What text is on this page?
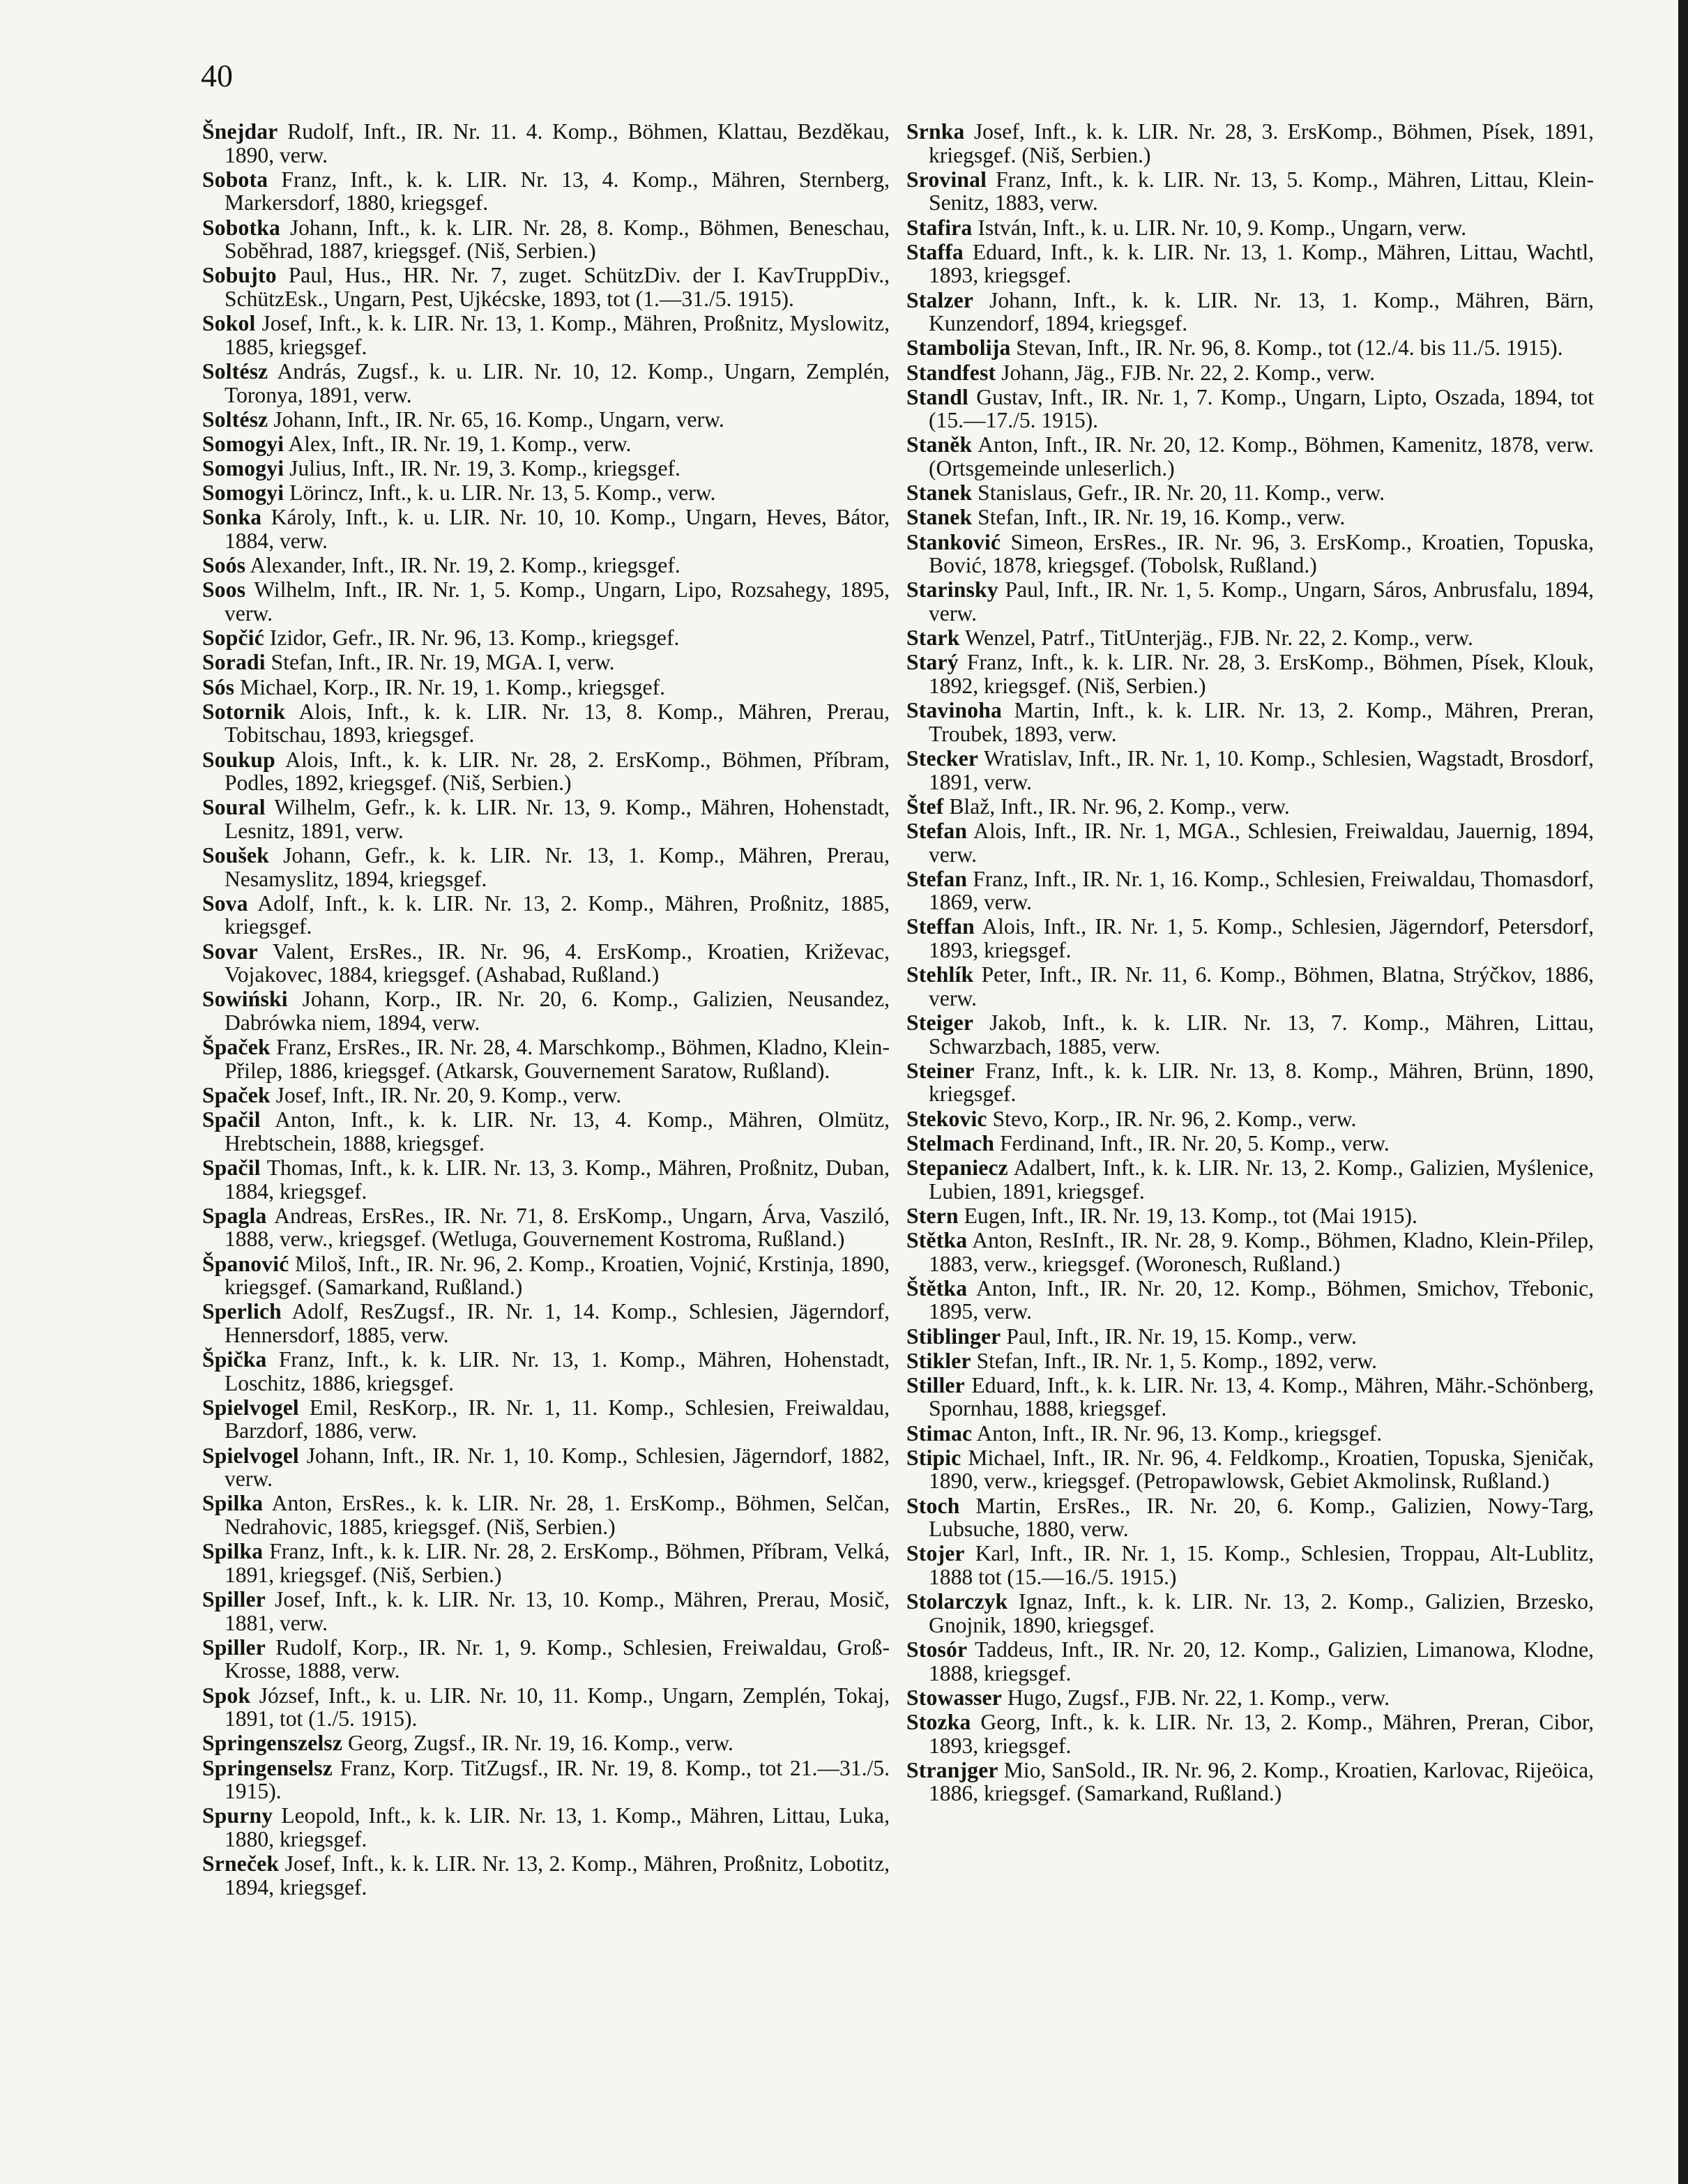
40

Šnejdar Rudolf, Inft., IR. Nr. 11. 4. Komp., Böhmen, Klattau, Bezděkau, 1890, verw.

Sobota Franz, Inft., k. k. LIR. Nr. 13, 4. Komp., Mähren, Sternberg, Markersdorf, 1880, kriegsgef.

Sobotka Johann, Inft., k. k. LIR. Nr. 28, 8. Komp., Böhmen, Beneschau, Soběhrad, 1887, kriegsgef. (Niš, Serbien.)

Sobujto Paul, Hus., HR. Nr. 7, zuget. SchützDiv. der I. KavTruppDiv., SchützEsk., Ungarn, Pest, Ujkécske, 1893, tot (1.—31./5. 1915).

Sokol Josef, Inft., k. k. LIR. Nr. 13, 1. Komp., Mähren, Proßnitz, Myslowitz, 1885, kriegsgef.

Soltész András, Zugsf., k. u. LIR. Nr. 10, 12. Komp., Ungarn, Zemplén, Toronya, 1891, verw.

Soltész Johann, Inft., IR. Nr. 65, 16. Komp., Ungarn, verw.

Somogyi Alex, Inft., IR. Nr. 19, 1. Komp., verw.

Somogyi Julius, Inft., IR. Nr. 19, 3. Komp., kriegsgef.

Somogyi Lörincz, Inft., k. u. LIR. Nr. 13, 5. Komp., verw.

Sonka Károly, Inft., k. u. LIR. Nr. 10, 10. Komp., Ungarn, Heves, Bátor, 1884, verw.

Soós Alexander, Inft., IR. Nr. 19, 2. Komp., kriegsgef.

Soos Wilhelm, Inft., IR. Nr. 1, 5. Komp., Ungarn, Lipo, Rozsahegy, 1895, verw.

Sopčić Izidor, Gefr., IR. Nr. 96, 13. Komp., kriegsgef.

Soradi Stefan, Inft., IR. Nr. 19, MGA. I, verw.

Sós Michael, Korp., IR. Nr. 19, 1. Komp., kriegsgef.

Sotornik Alois, Inft., k. k. LIR. Nr. 13, 8. Komp., Mähren, Prerau, Tobitschau, 1893, kriegsgef.

Soukup Alois, Inft., k. k. LIR. Nr. 28, 2. ErsKomp., Böhmen, Příbram, Podles, 1892, kriegsgef. (Niš, Serbien.)

Soural Wilhelm, Gefr., k. k. LIR. Nr. 13, 9. Komp., Mähren, Hohenstadt, Lesnitz, 1891, verw.

Soušek Johann, Gefr., k. k. LIR. Nr. 13, 1. Komp., Mähren, Prerau, Nesamyslitz, 1894, kriegsgef.

Sova Adolf, Inft., k. k. LIR. Nr. 13, 2. Komp., Mähren, Proßnitz, 1885, kriegsgef.

Sovar Valent, ErsRes., IR. Nr. 96, 4. ErsKomp., Kroatien, Križevac, Vojakovec, 1884, kriegsgef. (Ashabad, Rußland.)

Sowiński Johann, Korp., IR. Nr. 20, 6. Komp., Galizien, Neusandez, Dabrówka niem, 1894, verw.

Špaček Franz, ErsRes., IR. Nr. 28, 4. Marschkomp., Böhmen, Kladno, Klein-Přilep, 1886, kriegsgef. (Atkarsk, Gouvernement Saratow, Rußland).

Spaček Josef, Inft., IR. Nr. 20, 9. Komp., verw.

Spačil Anton, Inft., k. k. LIR. Nr. 13, 4. Komp., Mähren, Olmütz, Hrebtschein, 1888, kriegsgef.

Spačil Thomas, Inft., k. k. LIR. Nr. 13, 3. Komp., Mähren, Proßnitz, Duban, 1884, kriegsgef.

Spagla Andreas, ErsRes., IR. Nr. 71, 8. ErsKomp., Ungarn, Árva, Vasziló, 1888, verw., kriegsgef. (Wetluga, Gouvernement Kostroma, Rußland.)

Španović Miloš, Inft., IR. Nr. 96, 2. Komp., Kroatien, Vojnić, Krstinja, 1890, kriegsgef. (Samarkand, Rußland.)

Sperlich Adolf, ResZugsf., IR. Nr. 1, 14. Komp., Schlesien, Jägerndorf, Hennersdorf, 1885, verw.

Špička Franz, Inft., k. k. LIR. Nr. 13, 1. Komp., Mähren, Hohenstadt, Loschitz, 1886, kriegsgef.

Spielvogel Emil, ResKorp., IR. Nr. 1, 11. Komp., Schlesien, Freiwaldau, Barzdorf, 1886, verw.

Spielvogel Johann, Inft., IR. Nr. 1, 10. Komp., Schlesien, Jägerndorf, 1882, verw.

Spilka Anton, ErsRes., k. k. LIR. Nr. 28, 1. ErsKomp., Böhmen, Selčan, Nedrahovic, 1885, kriegsgef. (Niš, Serbien.)

Spilka Franz, Inft., k. k. LIR. Nr. 28, 2. ErsKomp., Böhmen, Příbram, Velká, 1891, kriegsgef. (Niš, Serbien.)

Spiller Josef, Inft., k. k. LIR. Nr. 13, 10. Komp., Mähren, Prerau, Mosič, 1881, verw.

Spiller Rudolf, Korp., IR. Nr. 1, 9. Komp., Schlesien, Freiwaldau, Groß-Krosse, 1888, verw.

Spok József, Inft., k. u. LIR. Nr. 10, 11. Komp., Ungarn, Zemplén, Tokaj, 1891, tot (1./5. 1915).

Springenszelsz Georg, Zugsf., IR. Nr. 19, 16. Komp., verw.

Springenselsz Franz, Korp. TitZugsf., IR. Nr. 19, 8. Komp., tot 21.—31./5. 1915).

Spurny Leopold, Inft., k. k. LIR. Nr. 13, 1. Komp., Mähren, Littau, Luka, 1880, kriegsgef.

Srneček Josef, Inft., k. k. LIR. Nr. 13, 2. Komp., Mähren, Proßnitz, Lobotitz, 1894, kriegsgef.

Srnka Josef, Inft., k. k. LIR. Nr. 28, 3. ErsKomp., Böhmen, Písek, 1891, kriegsgef. (Niš, Serbien.)

Srovinal Franz, Inft., k. k. LIR. Nr. 13, 5. Komp., Mähren, Littau, Klein-Senitz, 1883, verw.

Stafira István, Inft., k. u. LIR. Nr. 10, 9. Komp., Ungarn, verw.

Staffa Eduard, Inft., k. k. LIR. Nr. 13, 1. Komp., Mähren, Littau, Wachtl, 1893, kriegsgef.

Stalzer Johann, Inft., k. k. LIR. Nr. 13, 1. Komp., Mähren, Bärn, Kunzendorf, 1894, kriegsgef.

Stambolija Stevan, Inft., IR. Nr. 96, 8. Komp., tot (12./4. bis 11./5. 1915).

Standfest Johann, Jäg., FJB. Nr. 22, 2. Komp., verw.

Standl Gustav, Inft., IR. Nr. 1, 7. Komp., Ungarn, Lipto, Oszada, 1894, tot (15.—17./5. 1915).

Staněk Anton, Inft., IR. Nr. 20, 12. Komp., Böhmen, Kamenitz, 1878, verw. (Ortsgemeinde unleserlich.)

Stanek Stanislaus, Gefr., IR. Nr. 20, 11. Komp., verw.

Stanek Stefan, Inft., IR. Nr. 19, 16. Komp., verw.

Stanković Simeon, ErsRes., IR. Nr. 96, 3. ErsKomp., Kroatien, Topuska, Bović, 1878, kriegsgef. (Tobolsk, Rußland.)

Starinsky Paul, Inft., IR. Nr. 1, 5. Komp., Ungarn, Sáros, Anbrusfalu, 1894, verw.

Stark Wenzel, Patrf., TitUnterjäg., FJB. Nr. 22, 2. Komp., verw.

Starý Franz, Inft., k. k. LIR. Nr. 28, 3. ErsKomp., Böhmen, Písek, Klouk, 1892, kriegsgef. (Niš, Serbien.)

Stavinoha Martin, Inft., k. k. LIR. Nr. 13, 2. Komp., Mähren, Preran, Troubek, 1893, verw.

Stecker Wratislav, Inft., IR. Nr. 1, 10. Komp., Schlesien, Wagstadt, Brosdorf, 1891, verw.

Štef Blaž, Inft., IR. Nr. 96, 2. Komp., verw.

Stefan Alois, Inft., IR. Nr. 1, MGA., Schlesien, Freiwaldau, Jauernig, 1894, verw.

Stefan Franz, Inft., IR. Nr. 1, 16. Komp., Schlesien, Freiwaldau, Thomasdorf, 1869, verw.

Steffan Alois, Inft., IR. Nr. 1, 5. Komp., Schlesien, Jägerndorf, Petersdorf, 1893, kriegsgef.

Stehlík Peter, Inft., IR. Nr. 11, 6. Komp., Böhmen, Blatna, Strýčkov, 1886, verw.

Steiger Jakob, Inft., k. k. LIR. Nr. 13, 7. Komp., Mähren, Littau, Schwarzbach, 1885, verw.

Steiner Franz, Inft., k. k. LIR. Nr. 13, 8. Komp., Mähren, Brünn, 1890, kriegsgef.

Stekovic Stevo, Korp., IR. Nr. 96, 2. Komp., verw.

Stelmach Ferdinand, Inft., IR. Nr. 20, 5. Komp., verw.

Stepaniecz Adalbert, Inft., k. k. LIR. Nr. 13, 2. Komp., Galizien, Myślenice, Lubien, 1891, kriegsgef.

Stern Eugen, Inft., IR. Nr. 19, 13. Komp., tot (Mai 1915).

Stětka Anton, ResInft., IR. Nr. 28, 9. Komp., Böhmen, Kladno, Klein-Přilep, 1883, verw., kriegsgef. (Woronesch, Rußland.)

Štětka Anton, Inft., IR. Nr. 20, 12. Komp., Böhmen, Smichov, Třebonic, 1895, verw.

Stiblinger Paul, Inft., IR. Nr. 19, 15. Komp., verw.

Stikler Stefan, Inft., IR. Nr. 1, 5. Komp., 1892, verw.

Stiller Eduard, Inft., k. k. LIR. Nr. 13, 4. Komp., Mähren, Mähr.-Schönberg, Spornhau, 1888, kriegsgef.

Stimac Anton, Inft., IR. Nr. 96, 13. Komp., kriegsgef.

Stipic Michael, Inft., IR. Nr. 96, 4. Feldkomp., Kroatien, Topuska, Sjeničak, 1890, verw., kriegsgef. (Petropawlowsk, Gebiet Akmolinsk, Rußland.)

Stoch Martin, ErsRes., IR. Nr. 20, 6. Komp., Galizien, Nowy-Targ, Lubsuche, 1880, verw.

Stojer Karl, Inft., IR. Nr. 1, 15. Komp., Schlesien, Troppau, Alt-Lublitz, 1888 tot (15.—16./5. 1915.)

Stolarczyk Ignaz, Inft., k. k. LIR. Nr. 13, 2. Komp., Galizien, Brzesko, Gnojnik, 1890, kriegsgef.

Stosór Taddeus, Inft., IR. Nr. 20, 12. Komp., Galizien, Limanowa, Klodne, 1888, kriegsgef.

Stowasser Hugo, Zugsf., FJB. Nr. 22, 1. Komp., verw.

Stozka Georg, Inft., k. k. LIR. Nr. 13, 2. Komp., Mähren, Preran, Cibor, 1893, kriegsgef.

Stranjger Mio, SanSold., IR. Nr. 96, 2. Komp., Kroatien, Karlovac, Rijeöica, 1886, kriegsgef. (Samarkand, Rußland.)
